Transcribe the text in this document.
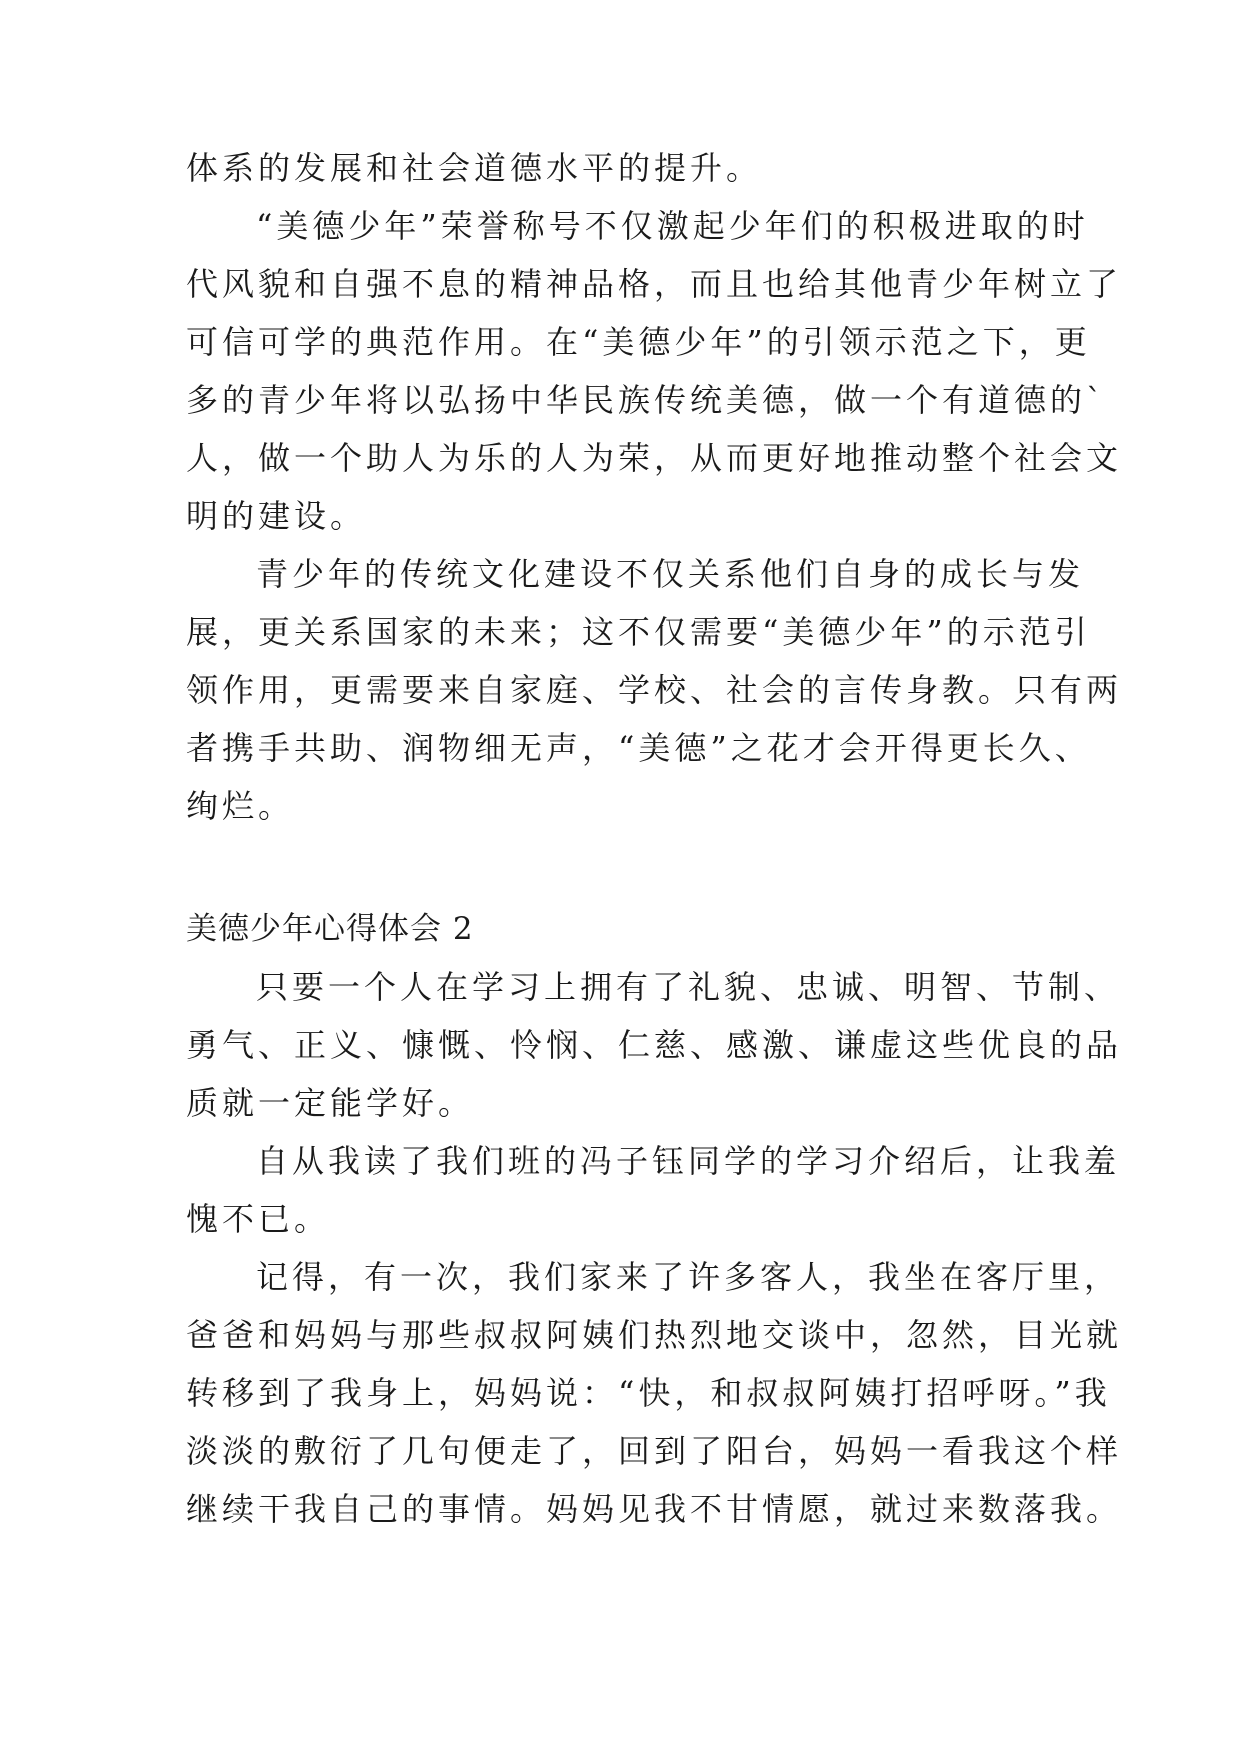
体系的发展和社会道德水平的提升。
“美德少年”荣誉称号不仅激起少年们的积极进取的时
代风貌和自强不息的精神品格，而且也给其他青少年树立了
可信可学的典范作用。在“美德少年”的引领示范之下，更
多的青少年将以弘扬中华民族传统美德，做一个有道德的`
人，做一个助人为乐的人为荣，从而更好地推动整个社会文
明的建设。
青少年的传统文化建设不仅关系他们自身的成长与发
展，更关系国家的未来；这不仅需要“美德少年”的示范引
领作用，更需要来自家庭、学校、社会的言传身教。只有两
者携手共助、润物细无声，“美德”之花才会开得更长久、
绚烂。
美德少年心得体会 2
只要一个人在学习上拥有了礼貌、忠诚、明智、节制、
勇气、正义、慷慨、怜悯、仁慈、感激、谦虚这些优良的品
质就一定能学好。
自从我读了我们班的冯子钰同学的学习介绍后，让我羞
愧不已。
记得，有一次，我们家来了许多客人，我坐在客厅里，
爸爸和妈妈与那些叔叔阿姨们热烈地交谈中，忽然，目光就
转移到了我身上，妈妈说：“快，和叔叔阿姨打招呼呀。”我
淡淡的敷衍了几句便走了，回到了阳台，妈妈一看我这个样
继续干我自己的事情。妈妈见我不甘情愿，就过来数落我。
